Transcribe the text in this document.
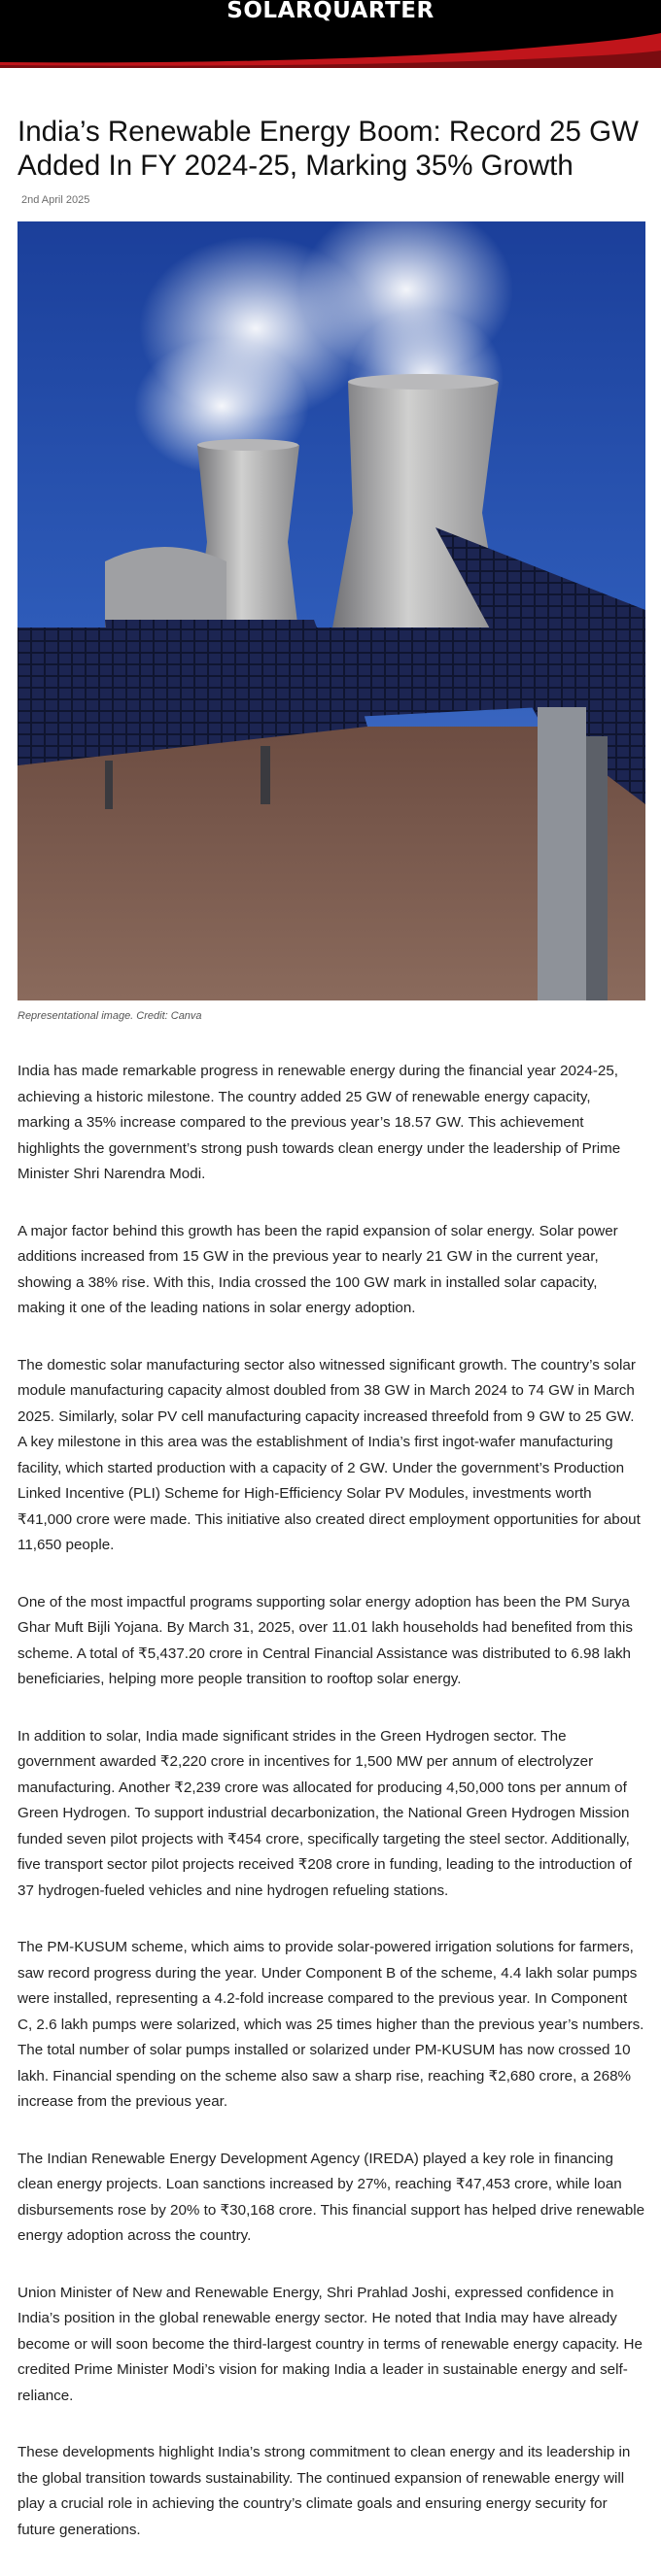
SOLARQUARTER
India’s Renewable Energy Boom: Record 25 GW Added In FY 2024-25, Marking 35% Growth
2nd April 2025
Representational image. Credit: Canva

India has made remarkable progress in renewable energy during the financial year 2024-25, achieving a historic milestone. The country added 25 GW of renewable energy capacity, marking a 35% increase compared to the previous year’s 18.57 GW. This achievement highlights the government’s strong push towards clean energy under the leadership of Prime Minister Shri Narendra Modi.

A major factor behind this growth has been the rapid expansion of solar energy. Solar power additions increased from 15 GW in the previous year to nearly 21 GW in the current year, showing a 38% rise. With this, India crossed the 100 GW mark in installed solar capacity, making it one of the leading nations in solar energy adoption.

The domestic solar manufacturing sector also witnessed significant growth. The country’s solar module manufacturing capacity almost doubled from 38 GW in March 2024 to 74 GW in March 2025. Similarly, solar PV cell manufacturing capacity increased threefold from 9 GW to 25 GW. A key milestone in this area was the establishment of India’s first ingot-wafer manufacturing facility, which started production with a capacity of 2 GW. Under the government’s Production Linked Incentive (PLI) Scheme for High-Efficiency Solar PV Modules, investments worth ₹41,000 crore were made. This initiative also created direct employment opportunities for about 11,650 people.

One of the most impactful programs supporting solar energy adoption has been the PM Surya Ghar Muft Bijli Yojana. By March 31, 2025, over 11.01 lakh households had benefited from this scheme. A total of ₹5,437.20 crore in Central Financial Assistance was distributed to 6.98 lakh beneficiaries, helping more people transition to rooftop solar energy.

In addition to solar, India made significant strides in the Green Hydrogen sector. The government awarded ₹2,220 crore in incentives for 1,500 MW per annum of electrolyzer manufacturing. Another ₹2,239 crore was allocated for producing 4,50,000 tons per annum of Green Hydrogen. To support industrial decarbonization, the National Green Hydrogen Mission funded seven pilot projects with ₹454 crore, specifically targeting the steel sector. Additionally, five transport sector pilot projects received ₹208 crore in funding, leading to the introduction of 37 hydrogen-fueled vehicles and nine hydrogen refueling stations.

The PM-KUSUM scheme, which aims to provide solar-powered irrigation solutions for farmers, saw record progress during the year. Under Component B of the scheme, 4.4 lakh solar pumps were installed, representing a 4.2-fold increase compared to the previous year. In Component C, 2.6 lakh pumps were solarized, which was 25 times higher than the previous year’s numbers. The total number of solar pumps installed or solarized under PM-KUSUM has now crossed 10 lakh. Financial spending on the scheme also saw a sharp rise, reaching ₹2,680 crore, a 268% increase from the previous year.

The Indian Renewable Energy Development Agency (IREDA) played a key role in financing clean energy projects. Loan sanctions increased by 27%, reaching ₹47,453 crore, while loan disbursements rose by 20% to ₹30,168 crore. This financial support has helped drive renewable energy adoption across the country.

Union Minister of New and Renewable Energy, Shri Prahlad Joshi, expressed confidence in India’s position in the global renewable energy sector. He noted that India may have already become or will soon become the third-largest country in terms of renewable energy capacity. He credited Prime Minister Modi’s vision for making India a leader in sustainable energy and self-reliance.

These developments highlight India’s strong commitment to clean energy and its leadership in the global transition towards sustainability. The continued expansion of renewable energy will play a crucial role in achieving the country’s climate goals and ensuring energy security for future generations.
